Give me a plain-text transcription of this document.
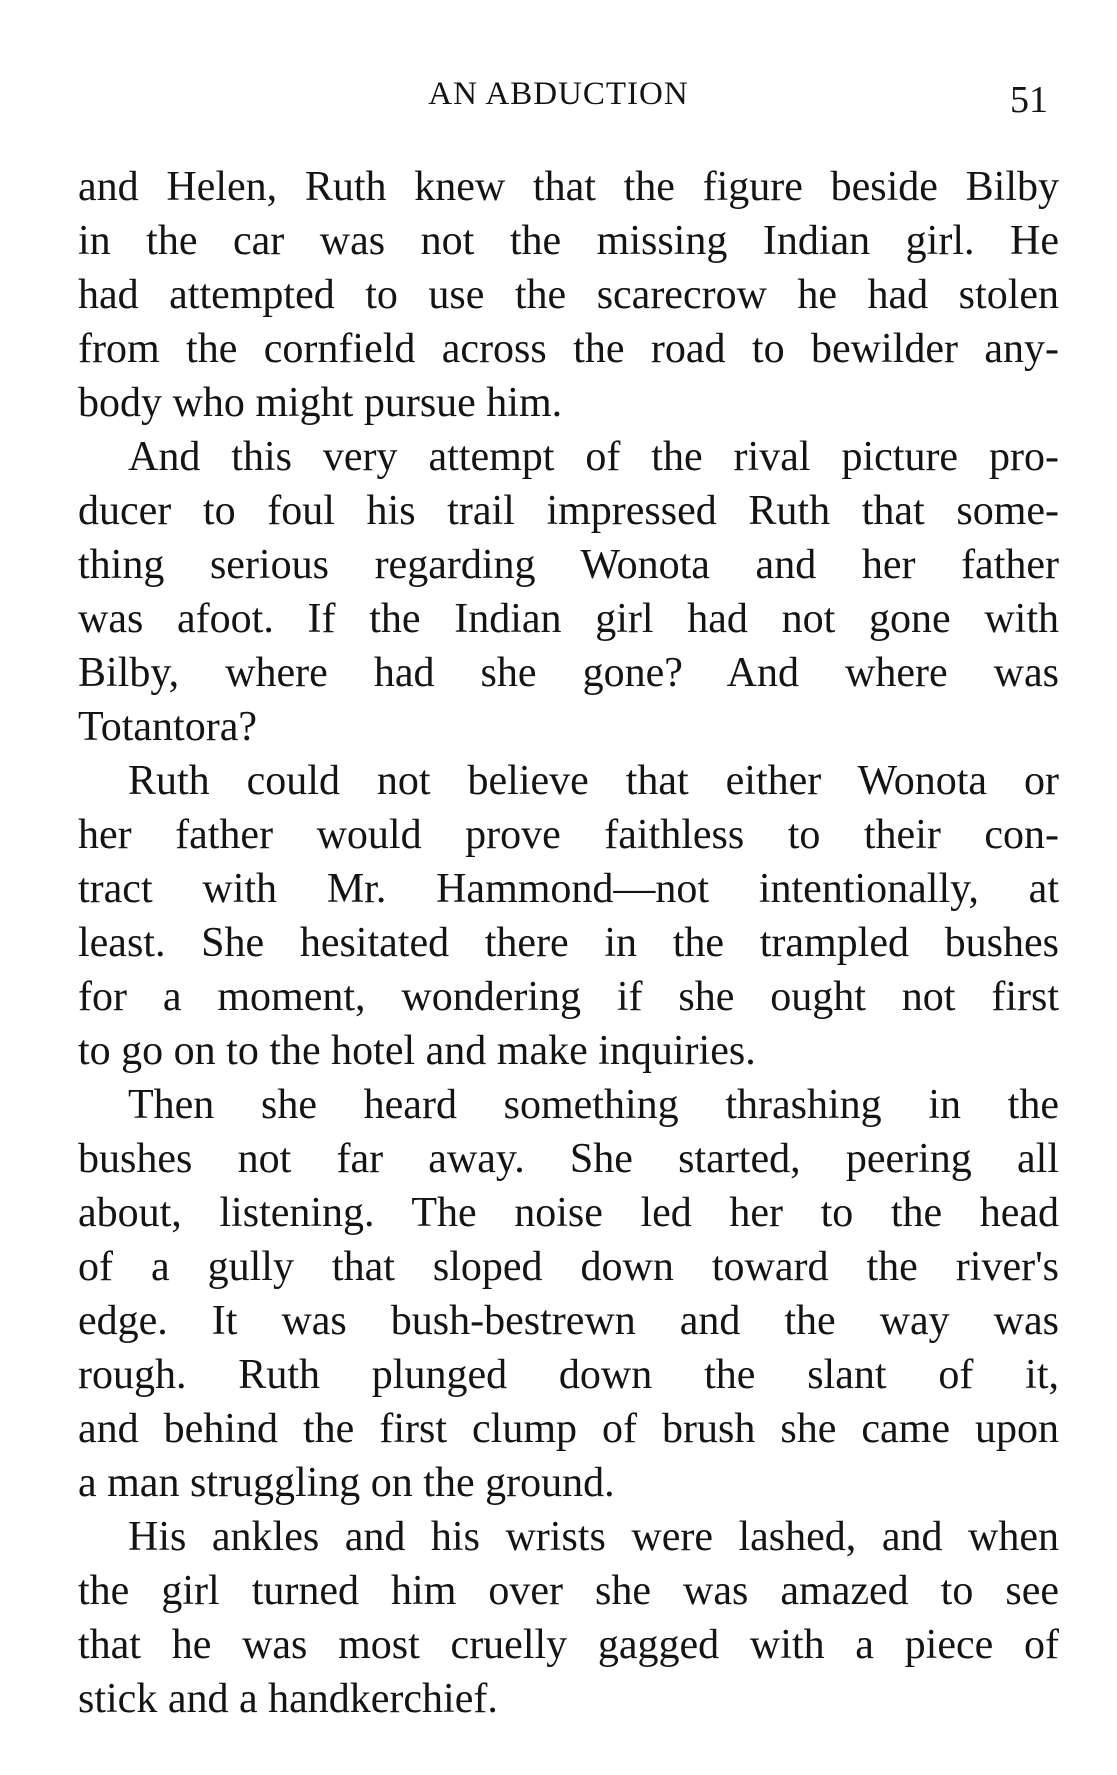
AN ABDUCTION	51
and Helen, Ruth knew that the figure beside Bilby
in the car was not the missing Indian girl. He
had attempted to use the scarecrow he had stolen
from the cornfield across the road to bewilder any-
body who might pursue him.
And this very attempt of the rival picture pro-
ducer to foul his trail impressed Ruth that some-
thing serious regarding Wonota and her father
was afoot. If the Indian girl had not gone with
Bilby, where had she gone? And where was
Totantora?
Ruth could not believe that either Wonota or
her father would prove faithless to their con-
tract with Mr. Hammond—not intentionally, at
least. She hesitated there in the trampled bushes
for a moment, wondering if she ought not first
to go on to the hotel and make inquiries.
Then she heard something thrashing in the
bushes not far away. She started, peering all
about, listening. The noise led her to the head
of a gully that sloped down toward the river's
edge. It was bush-bestrewn and the way was
rough. Ruth plunged down the slant of it,
and behind the first clump of brush she came upon
a man struggling on the ground.
His ankles and his wrists were lashed, and when
the girl turned him over she was amazed to see
that he was most cruelly gagged with a piece of
stick and a handkerchief.
